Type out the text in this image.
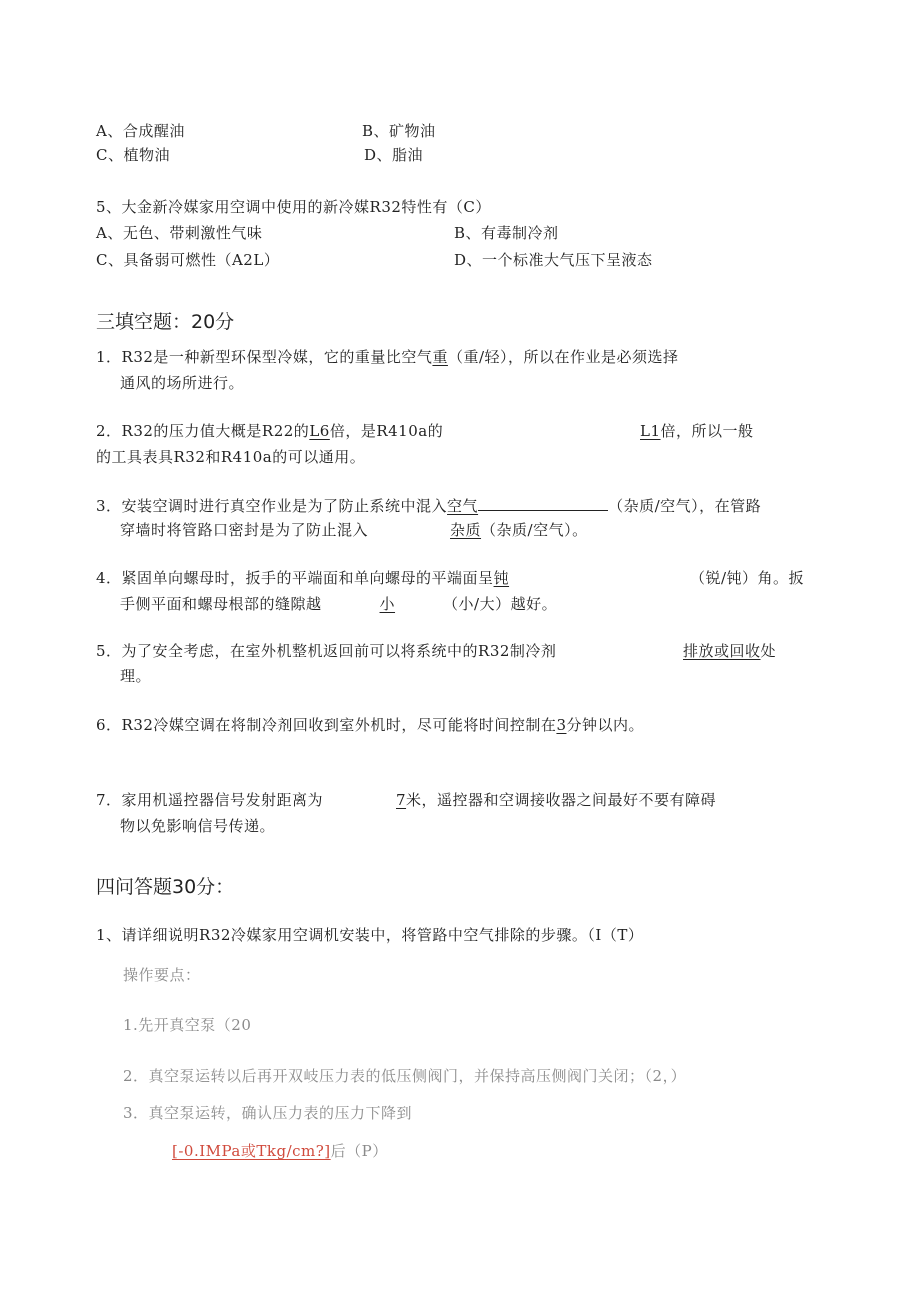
A、合成醒油	B、矿物油
C、植物油	D、脂油
5、大金新冷媒家用空调中使用的新冷媒R32特性有（C）
A、无色、带刺激性气味	B、有毒制冷剂
C、具备弱可燃性（A2L）	D、一个标准大气压下呈液态
三填空题：20分
1．R32是一种新型环保型冷媒，它的重量比空气重（重/轻），所以在作业是必须选择
通风的场所进行。
2．R32的压力值大概是R22的L6倍，是R410a的	L1倍，所以一般
的工具表具R32和R410a的可以通用。
3．安装空调时进行真空作业是为了防止系统中混入空气	（杂质/空气），在管路
穿墙时将管路口密封是为了防止混入	杂质（杂质/空气）。
4．紧固单向螺母时，扳手的平端面和单向螺母的平端面呈钝	（锐/钝）角。扳
手侧平面和螺母根部的缝隙越	小	（小/大）越好。
5．为了安全考虑，在室外机整机返回前可以将系统中的R32制冷剂	排放或回收处
理。
6．R32冷媒空调在将制冷剂回收到室外机时，尽可能将时间控制在3分钟以内。
7．家用机遥控器信号发射距离为	7米，遥控器和空调接收器之间最好不要有障碍
物以免影响信号传递。
四问答题30分：
1、请详细说明R32冷媒家用空调机安装中，将管路中空气排除的步骤。（I（T）
操作要点：
1.先开真空泵（20
2．真空泵运转以后再开双岐压力表的低压侧阀门，并保持高压侧阀门关闭；（2，）
3．真空泵运转，确认压力表的压力下降到
[-0.IMPa或Tkg/cm?]后（P）
